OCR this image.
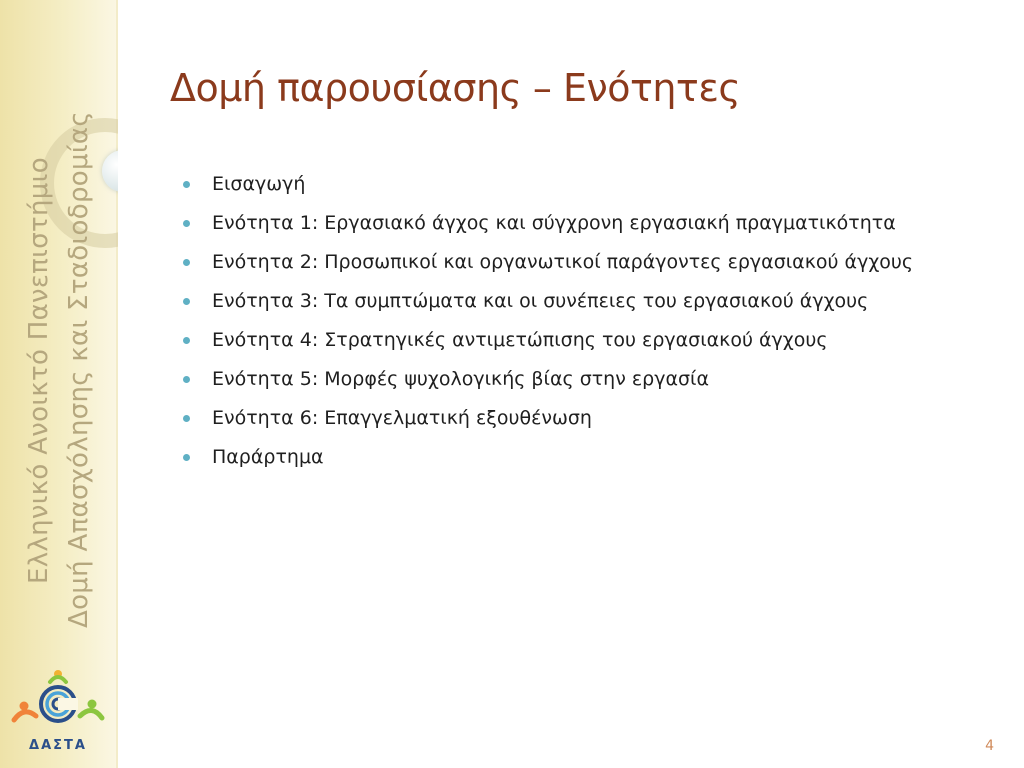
Ελληνικό Ανοικτό Πανεπιστήμιο Δομή Απασχόλησης και Σταδιοδρομίας
ΔΑΣΤΑ
Δομή παρουσίασης – Ενότητες
Εισαγωγή
Ενότητα 1: Εργασιακό άγχος και σύγχρονη εργασιακή πραγματικότητα
Ενότητα 2: Προσωπικοί και οργανωτικοί παράγοντες εργασιακού άγχους
Ενότητα 3: Τα συμπτώματα και οι συνέπειες του εργασιακού άγχους
Ενότητα 4: Στρατηγικές αντιμετώπισης του εργασιακού άγχους
Ενότητα 5: Μορφές ψυχολογικής βίας στην εργασία
Ενότητα 6: Επαγγελματική εξουθένωση
Παράρτημα
4
